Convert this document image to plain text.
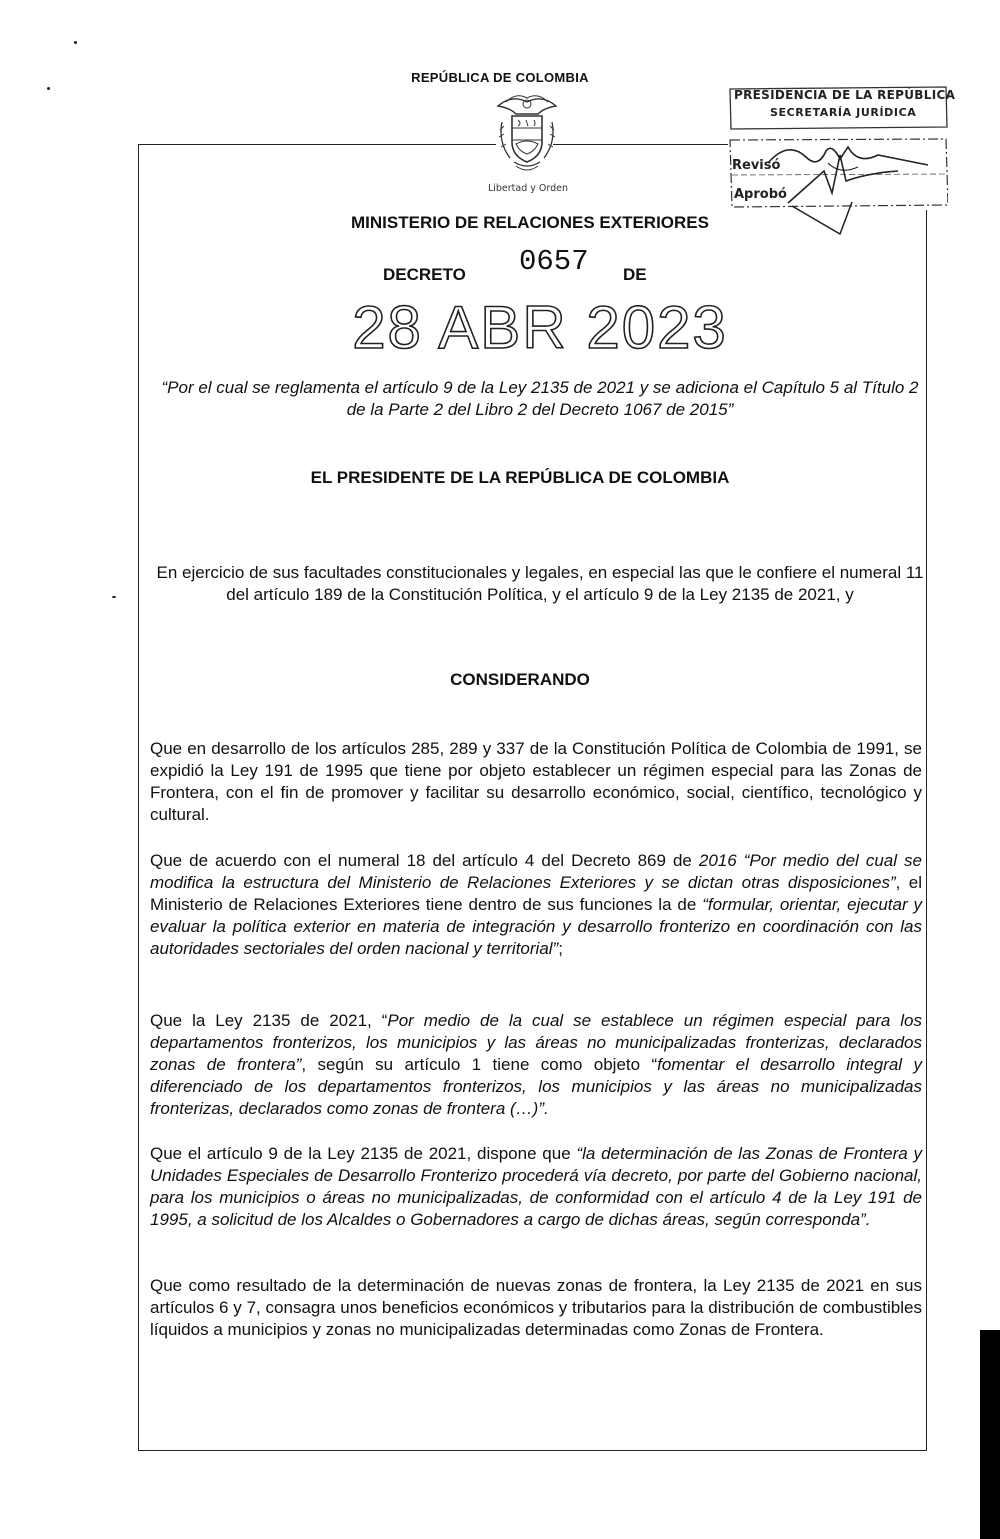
REPÚBLICA DE COLOMBIA
Libertad y Orden
MINISTERIO DE RELACIONES EXTERIORES
PRESIDENCIA DE LA REPÚBLICA
SECRETARÍA JURÍDICA
Revisó
Aprobó
DECRETO 0657 DE
28 ABR 2023
“Por el cual se reglamenta el artículo 9 de la Ley 2135 de 2021 y se adiciona el Capítulo 5 al Título 2 de la Parte 2 del Libro 2 del Decreto 1067 de 2015”
EL PRESIDENTE DE LA REPÚBLICA DE COLOMBIA
En ejercicio de sus facultades constitucionales y legales, en especial las que le confiere el numeral 11 del artículo 189 de la Constitución Política, y el artículo 9 de la Ley 2135 de 2021, y
CONSIDERANDO
Que en desarrollo de los artículos 285, 289 y 337 de la Constitución Política de Colombia de 1991, se expidió la Ley 191 de 1995 que tiene por objeto establecer un régimen especial para las Zonas de Frontera, con el fin de promover y facilitar su desarrollo económico, social, científico, tecnológico y cultural.
Que de acuerdo con el numeral 18 del artículo 4 del Decreto 869 de 2016 “Por medio del cual se modifica la estructura del Ministerio de Relaciones Exteriores y se dictan otras disposiciones”, el Ministerio de Relaciones Exteriores tiene dentro de sus funciones la de “formular, orientar, ejecutar y evaluar la política exterior en materia de integración y desarrollo fronterizo en coordinación con las autoridades sectoriales del orden nacional y territorial”;
Que la Ley 2135 de 2021, “Por medio de la cual se establece un régimen especial para los departamentos fronterizos, los municipios y las áreas no municipalizadas fronterizas, declarados zonas de frontera”, según su artículo 1 tiene como objeto “fomentar el desarrollo integral y diferenciado de los departamentos fronterizos, los municipios y las áreas no municipalizadas fronterizas, declarados como zonas de frontera (…)”.
Que el artículo 9 de la Ley 2135 de 2021, dispone que “la determinación de las Zonas de Frontera y Unidades Especiales de Desarrollo Fronterizo procederá vía decreto, por parte del Gobierno nacional, para los municipios o áreas no municipalizadas, de conformidad con el artículo 4 de la Ley 191 de 1995, a solicitud de los Alcaldes o Gobernadores a cargo de dichas áreas, según corresponda”.
Que como resultado de la determinación de nuevas zonas de frontera, la Ley 2135 de 2021 en sus artículos 6 y 7, consagra unos beneficios económicos y tributarios para la distribución de combustibles líquidos a municipios y zonas no municipalizadas determinadas como Zonas de Frontera.
